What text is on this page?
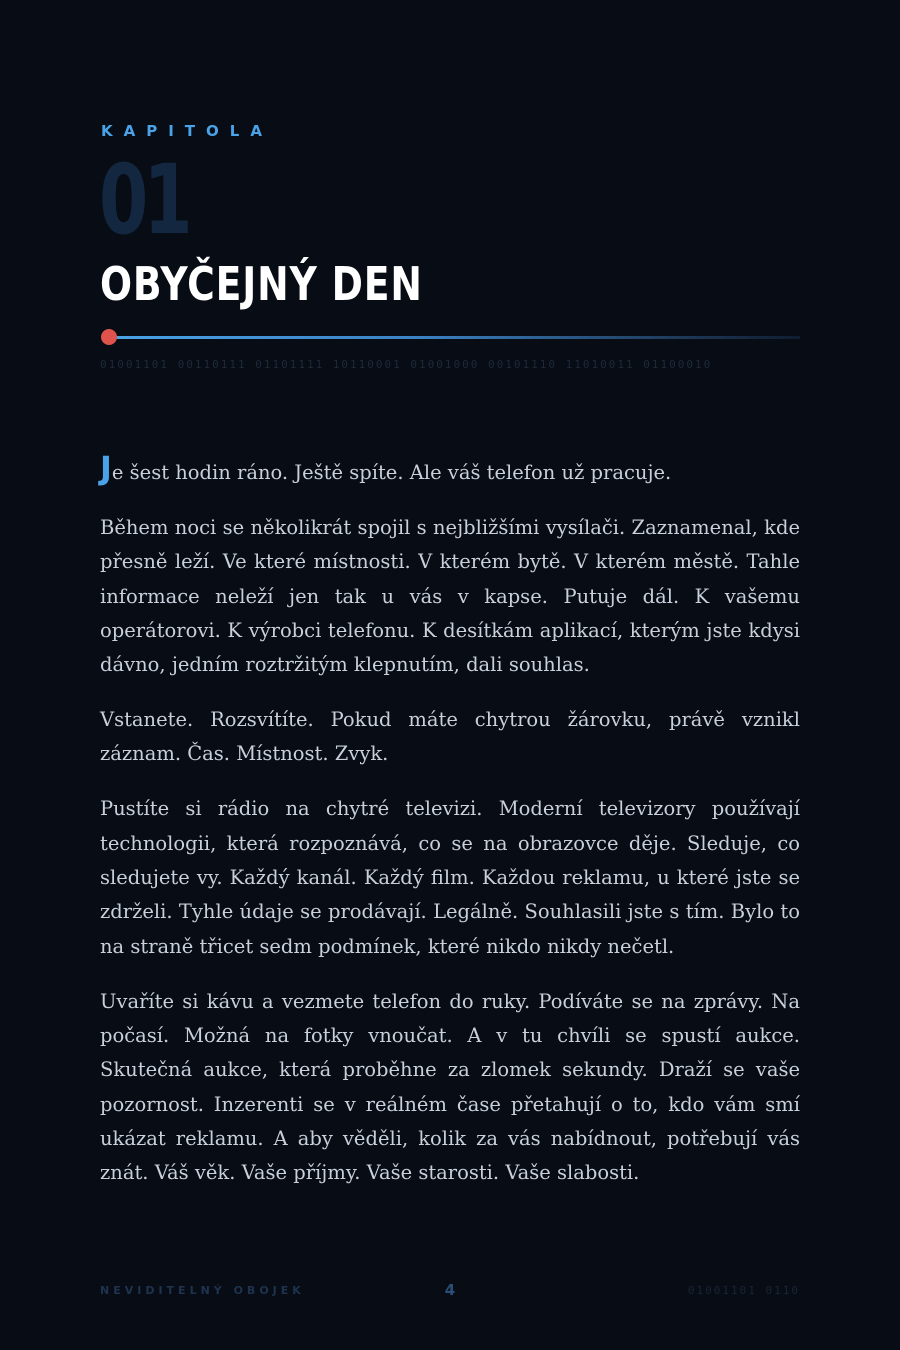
KAPITOLA

01

OBYČEJNÝ DEN

01001101 00110111 01101111 10110001 01001000 00101110 11010011 01100010

Je šest hodin ráno. Ještě spíte. Ale váš telefon už pracuje.

Během noci se několikrát spojil s nejbližšími vysílači. Zaznamenal, kde přesně leží. Ve které místnosti. V kterém bytě. V kterém městě. Tahle informace neleží jen tak u vás v kapse. Putuje dál. K vašemu operátorovi. K výrobci telefonu. K desítkám aplikací, kterým jste kdysi dávno, jedním roztržitým klepnutím, dali souhlas.

Vstanete. Rozsvítíte. Pokud máte chytrou žárovku, právě vznikl záznam. Čas. Místnost. Zvyk.

Pustíte si rádio na chytré televizi. Moderní televizory používají technologii, která rozpoznává, co se na obrazovce děje. Sleduje, co sledujete vy. Každý kanál. Každý film. Každou reklamu, u které jste se zdrželi. Tyhle údaje se prodávají. Legálně. Souhlasili jste s tím. Bylo to na straně třicet sedm podmínek, které nikdo nikdy nečetl.

Uvaříte si kávu a vezmete telefon do ruky. Podíváte se na zprávy. Na počasí. Možná na fotky vnoučat. A v tu chvíli se spustí aukce. Skutečná aukce, která proběhne za zlomek sekundy. Draží se vaše pozornost. Inzerenti se v reálném čase přetahují o to, kdo vám smí ukázat reklamu. A aby věděli, kolik za vás nabídnout, potřebují vás znát. Váš věk. Vaše příjmy. Vaše starosti. Vaše slabosti.

NEVIDITELNÝ OBOJEK	4	01001101 0110
